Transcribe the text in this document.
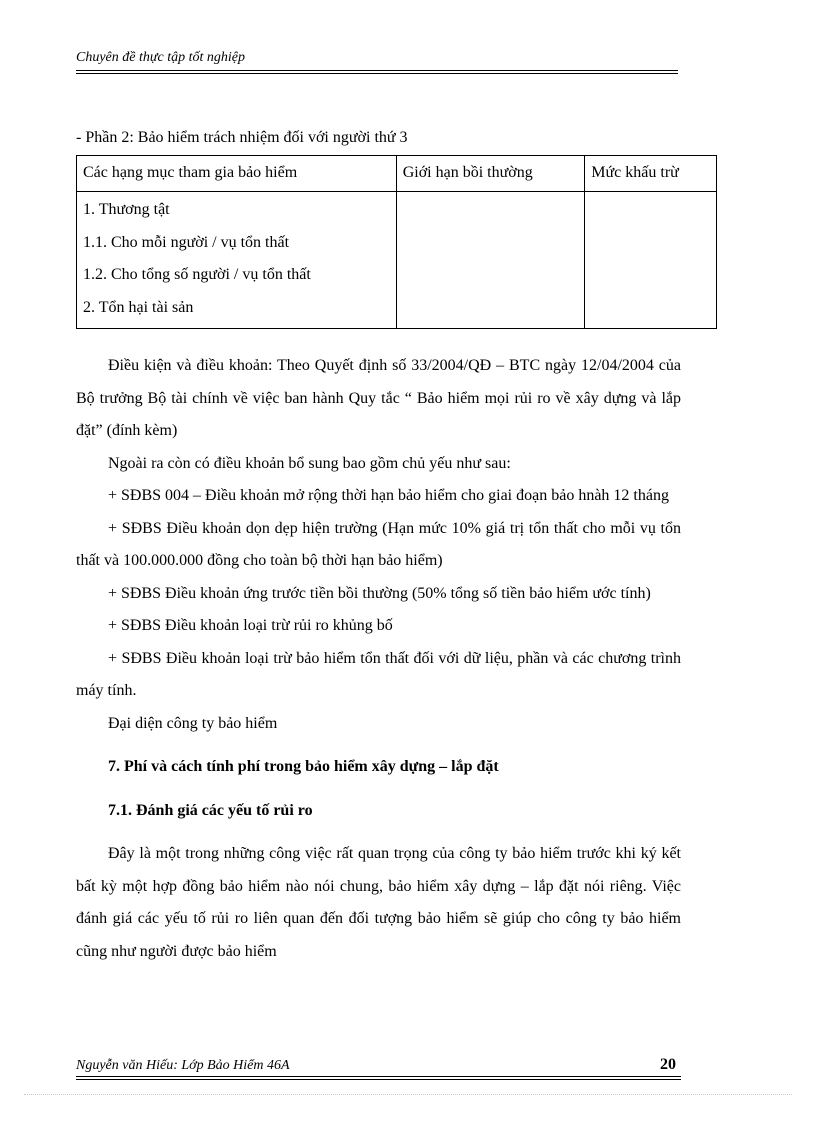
Chuyên đề thực tập tốt nghiệp
- Phần 2: Bảo hiểm trách nhiệm đối với người thứ 3
Các hạng mục tham gia bảo hiểm	Giới hạn bồi thường	Mức khấu trừ

1. Thương tật
1.1. Cho mỗi người / vụ tổn thất
1.2. Cho tổng số người / vụ tổn thất
2. Tổn hại tài sản		

Điều kiện và điều khoản: Theo Quyết định số 33/2004/QĐ – BTC ngày 12/04/2004 của Bộ trưởng Bộ tài chính về việc ban hành Quy tắc “ Bảo hiểm mọi rủi ro về xây dựng và lắp đặt” (đính kèm)

Ngoài ra còn có điều khoản bổ sung bao gồm chủ yếu như sau:

+ SĐBS 004 – Điều khoản mở rộng thời hạn bảo hiểm cho giai đoạn bảo hnàh 12 tháng

+ SĐBS Điều khoản dọn dẹp hiện trường (Hạn mức 10% giá trị tổn thất cho mỗi vụ tổn thất và 100.000.000 đồng cho toàn bộ thời hạn bảo hiểm)

+ SĐBS Điều khoản ứng trước tiền bồi thường (50% tổng số tiền bảo hiểm ước tính)

+ SĐBS Điều khoản loại trừ rủi ro khủng bố

+ SĐBS Điều khoản loại trừ bảo hiểm tổn thất đối với dữ liệu, phần và các chương trình máy tính.

Đại diện công ty bảo hiểm

7. Phí và cách tính phí trong bảo hiểm xây dựng – lắp đặt

7.1. Đánh giá các yếu tố rủi ro

Đây là một trong những công việc rất quan trọng của công ty bảo hiểm trước khi ký kết bất kỳ một hợp đồng bảo hiểm nào nói chung, bảo hiểm xây dựng – lắp đặt nói riêng. Việc đánh giá các yếu tố rủi ro liên quan đến đối tượng bảo hiểm sẽ giúp cho công ty bảo hiểm cũng như người được bảo hiểm

Nguyễn văn Hiếu: Lớp Bảo Hiểm 46A	20
